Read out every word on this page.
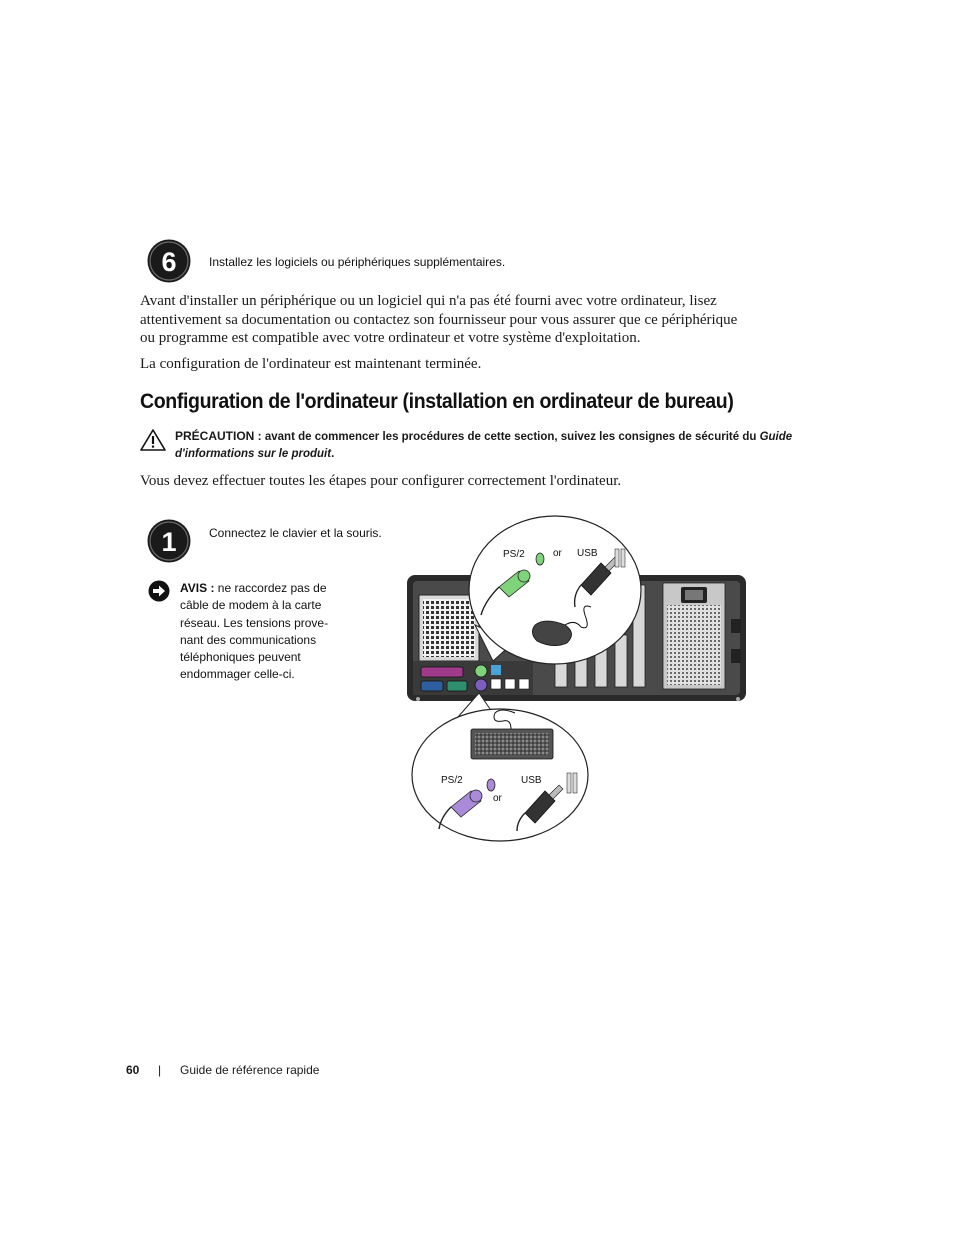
6	Installez les logiciels ou périphériques supplémentaires.
Avant d'installer un périphérique ou un logiciel qui n'a pas été fourni avec votre ordinateur, lisez
attentivement sa documentation ou contactez son fournisseur pour vous assurer que ce périphérique
ou programme est compatible avec votre ordinateur et votre système d'exploitation.
La configuration de l'ordinateur est maintenant terminée.
Configuration de l'ordinateur (installation en ordinateur de bureau)
PRÉCAUTION : avant de commencer les procédures de cette section, suivez les consignes de sécurité du Guide
d'informations sur le produit.
Vous devez effectuer toutes les étapes pour configurer correctement l'ordinateur.
1	Connectez le clavier et la souris.
AVIS : ne raccordez pas de
câble de modem à la carte
réseau. Les tensions prove-
nant des communications
téléphoniques peuvent
endommager celle-ci.
PS/2	or USB
PS/2
or
USB
60 | Guide de référence rapide
